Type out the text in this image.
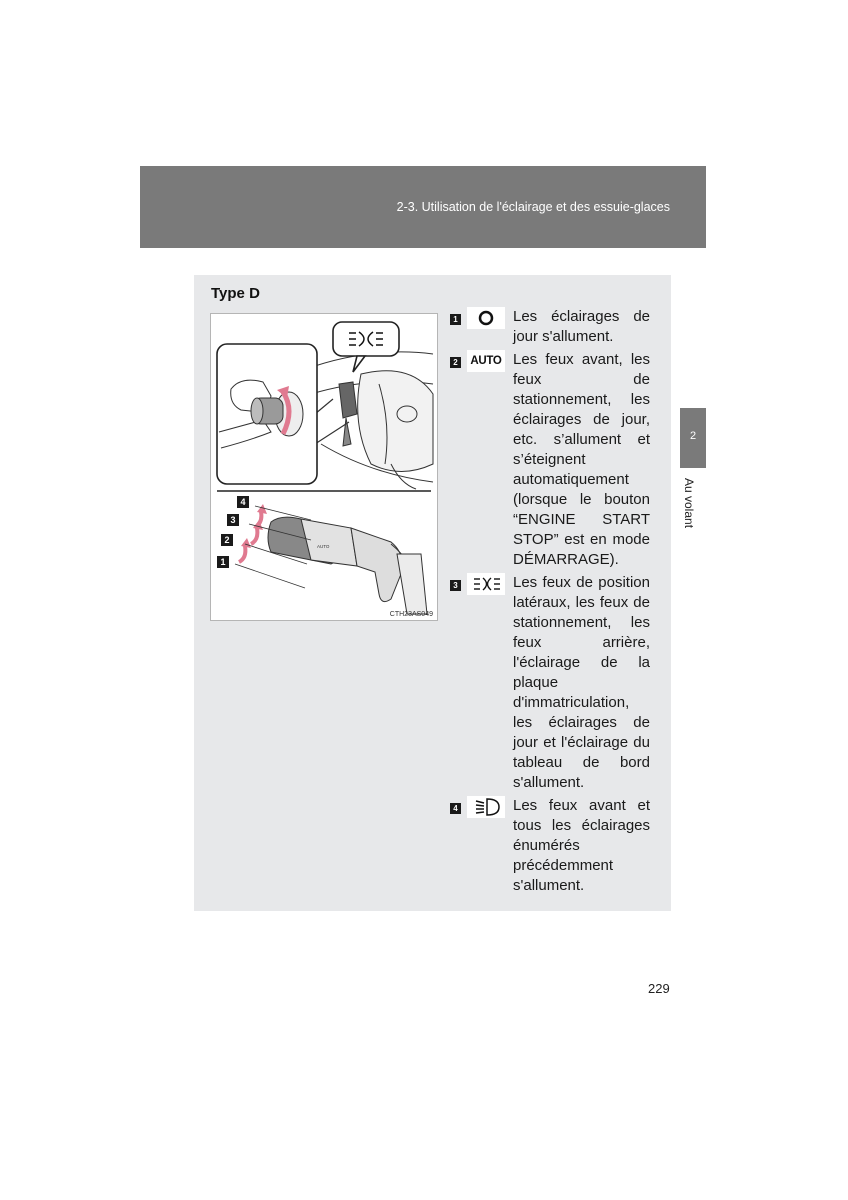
2-3. Utilisation de l'éclairage et des essuie-glaces
2
Au volant
Type D
4
3
2
1
AUTO
CTH23AS049
1	Les éclairages de jour s'allument.
2 AUTO Les feux avant, les feux de stationnement, les éclairages de jour, etc. s’allument et s’éteignent automatiquement (lorsque le bouton “ENGINE START STOP” est en mode DÉMARRAGE).
3	Les feux de position latéraux, les feux de stationnement, les feux arrière, l'éclairage de la plaque d'immatriculation, les éclairages de jour et l'éclairage du tableau de bord s'allument.
4	Les feux avant et tous les éclairages énumérés précédemment s'allument.
229
